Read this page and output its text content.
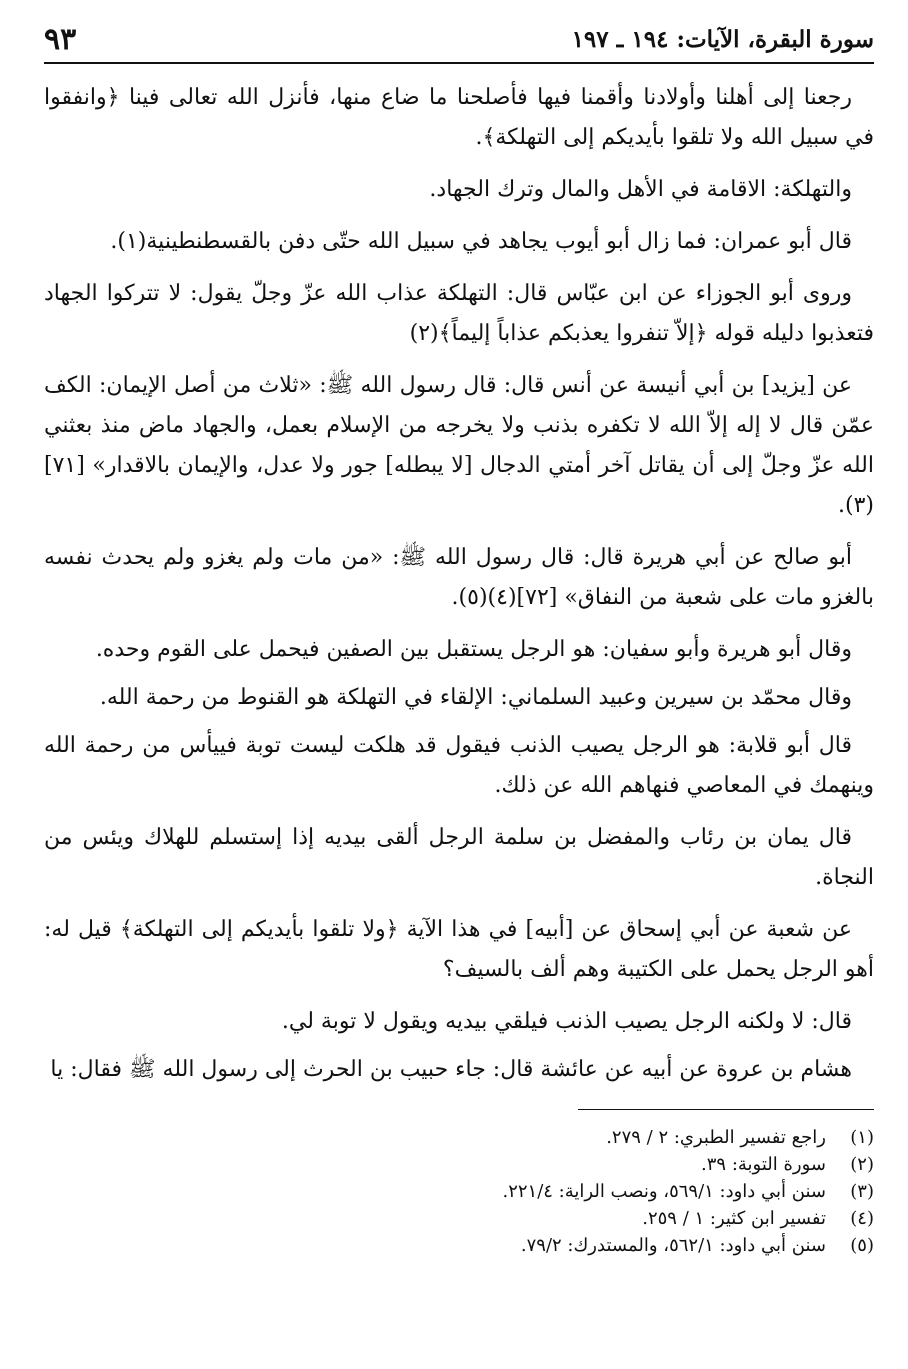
سورة البقرة، الآيات: ١٩٤ ـ ١٩٧
٩٣

رجعنا إلى أهلنا وأولادنا وأقمنا فيها فأصلحنا ما ضاع منها، فأنزل الله تعالى فينا ﴿وانفقوا في سبيل الله ولا تلقوا بأيديكم إلى التهلكة﴾.

والتهلكة: الاقامة في الأهل والمال وترك الجهاد.

قال أبو عمران: فما زال أبو أيوب يجاهد في سبيل الله حتّى دفن بالقسطنطينية(١).

وروى أبو الجوزاء عن ابن عبّاس قال: التهلكة عذاب الله عزّ وجلّ يقول: لا تتركوا الجهاد فتعذبوا دليله قوله ﴿إلاّ تنفروا يعذبكم عذاباً إليماً﴾(٢)

عن [يزيد] بن أبي أنيسة عن أنس قال: قال رسول الله ﷺ: «ثلاث من أصل الإيمان: الكف عمّن قال لا إله إلاّ الله لا تكفره بذنب ولا يخرجه من الإسلام بعمل، والجهاد ماض منذ بعثني الله عزّ وجلّ إلى أن يقاتل آخر أمتي الدجال [لا يبطله] جور ولا عدل، والإيمان بالاقدار» [٧١](٣).

أبو صالح عن أبي هريرة قال: قال رسول الله ﷺ: «من مات ولم يغزو ولم يحدث نفسه بالغزو مات على شعبة من النفاق» [٧٢](٤)(٥).

وقال أبو هريرة وأبو سفيان: هو الرجل يستقبل بين الصفين فيحمل على القوم وحده.

وقال محمّد بن سيرين وعبيد السلماني: الإلقاء في التهلكة هو القنوط من رحمة الله.

قال أبو قلابة: هو الرجل يصيب الذنب فيقول قد هلكت ليست توبة فييأس من رحمة الله وينهمك في المعاصي فنهاهم الله عن ذلك.

قال يمان بن رئاب والمفضل بن سلمة الرجل ألقى بيديه إذا إستسلم للهلاك ويئس من النجاة.

عن شعبة عن أبي إسحاق عن [أبيه] في هذا الآية ﴿ولا تلقوا بأيديكم إلى التهلكة﴾ قيل له: أهو الرجل يحمل على الكتيبة وهم ألف بالسيف؟

قال: لا ولكنه الرجل يصيب الذنب فيلقي بيديه ويقول لا توبة لي.

هشام بن عروة عن أبيه عن عائشة قال: جاء حبيب بن الحرث إلى رسول الله ﷺ فقال: يا

(١)
راجع تفسير الطبري: ٢ / ٢٧٩.
(٢)
سورة التوبة: ٣٩.
(٣)
سنن أبي داود: ٥٦٩/١، ونصب الراية: ٢٢١/٤.
(٤)
تفسير ابن كثير: ١ / ٢٥٩.
(٥)
سنن أبي داود: ٥٦٢/١، والمستدرك: ٧٩/٢.
